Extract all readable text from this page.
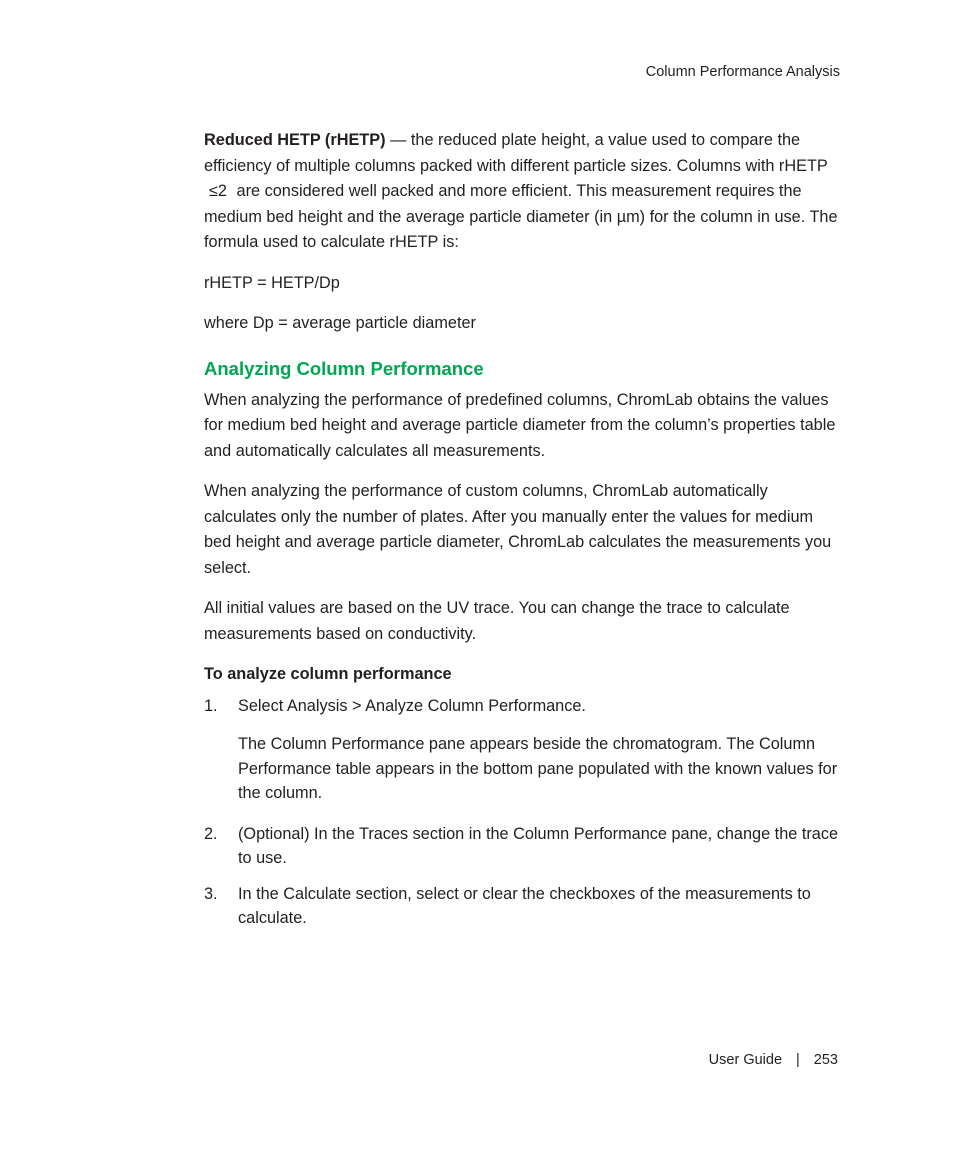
Column Performance Analysis

Reduced HETP (rHETP) — the reduced plate height, a value used to compare the efficiency of multiple columns packed with different particle sizes. Columns with rHETP ≤2 are considered well packed and more efficient. This measurement requires the medium bed height and the average particle diameter (in µm) for the column in use. The formula used to calculate rHETP is:

rHETP = HETP/Dp

where Dp = average particle diameter

Analyzing Column Performance

When analyzing the performance of predefined columns, ChromLab obtains the values for medium bed height and average particle diameter from the column’s properties table and automatically calculates all measurements.

When analyzing the performance of custom columns, ChromLab automatically calculates only the number of plates. After you manually enter the values for medium bed height and average particle diameter, ChromLab calculates the measurements you select.

All initial values are based on the UV trace. You can change the trace to calculate measurements based on conductivity.

To analyze column performance
1.	Select Analysis > Analyze Column Performance.
The Column Performance pane appears beside the chromatogram. The Column Performance table appears in the bottom pane populated with the known values for the column.
2.	(Optional) In the Traces section in the Column Performance pane, change the trace to use.
3.	In the Calculate section, select or clear the checkboxes of the measurements to calculate.
User Guide | 253
